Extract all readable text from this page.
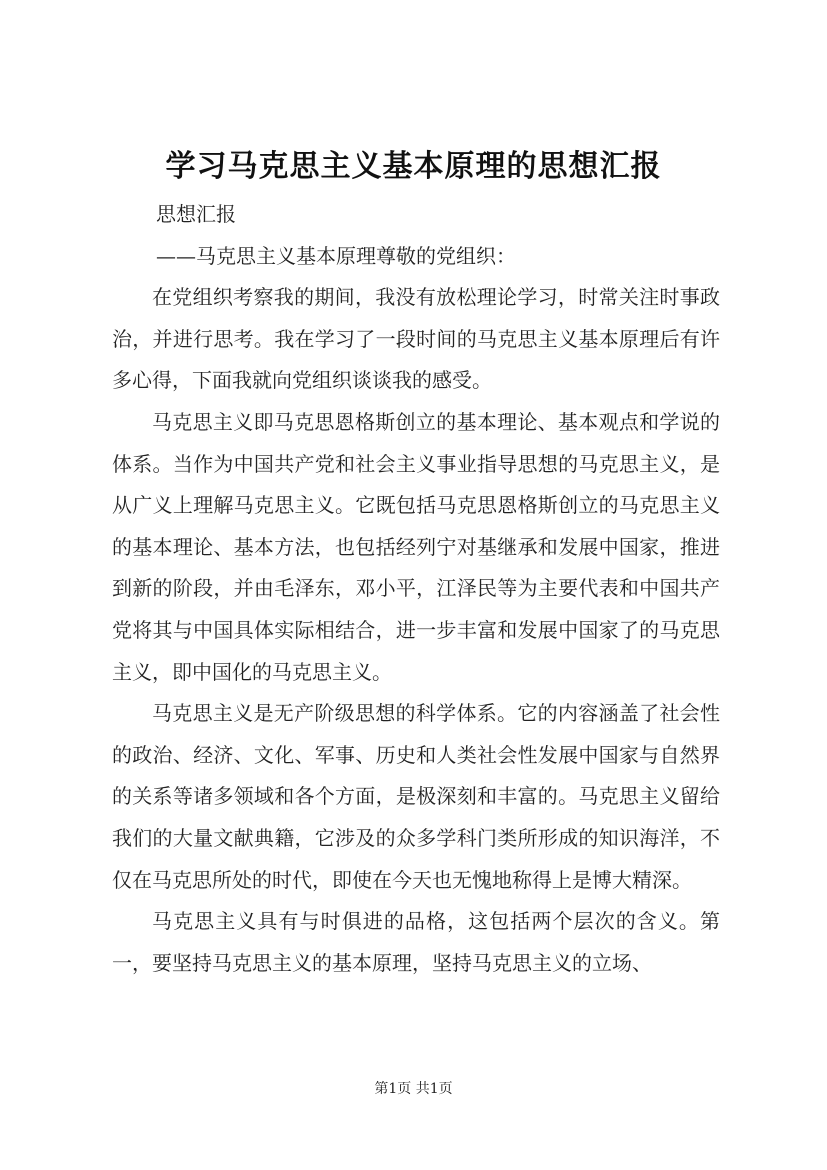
学习马克思主义基本原理的思想汇报

思想汇报

——马克思主义基本原理尊敬的党组织：

在党组织考察我的期间，我没有放松理论学习，时常关注时事政治，并进行思考。我在学习了一段时间的马克思主义基本原理后有许多心得，下面我就向党组织谈谈我的感受。

马克思主义即马克思恩格斯创立的基本理论、基本观点和学说的体系。当作为中国共产党和社会主义事业指导思想的马克思主义，是从广义上理解马克思主义。它既包括马克思恩格斯创立的马克思主义的基本理论、基本方法，也包括经列宁对基继承和发展中国家，推进到新的阶段，并由毛泽东，邓小平，江泽民等为主要代表和中国共产党将其与中国具体实际相结合，进一步丰富和发展中国家了的马克思主义，即中国化的马克思主义。

马克思主义是无产阶级思想的科学体系。它的内容涵盖了社会性的政治、经济、文化、军事、历史和人类社会性发展中国家与自然界的关系等诸多领域和各个方面，是极深刻和丰富的。马克思主义留给我们的大量文献典籍，它涉及的众多学科门类所形成的知识海洋，不仅在马克思所处的时代，即使在今天也无愧地称得上是博大精深。

马克思主义具有与时俱进的品格，这包括两个层次的含义。第一，要坚持马克思主义的基本原理，坚持马克思主义的立场、

第1页 共1页
